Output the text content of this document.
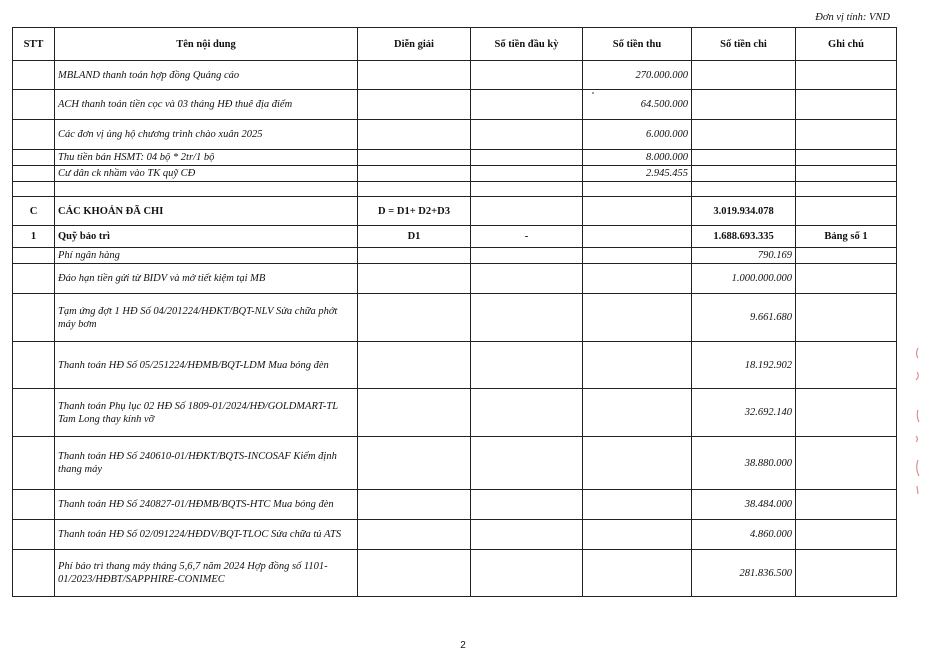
Đơn vị tính: VND
STT	Tên nội dung	Diễn giải	Số tiền đầu kỳ	Số tiền thu	Số tiền chi	Ghi chú
	MBLAND thanh toán hợp đồng Quảng cáo			270.000.000		
	ACH thanh toán tiền cọc và 03 tháng HĐ thuê địa điểm			64.500.000		
	Các đơn vị ủng hộ chương trình chào xuân 2025			6.000.000		
	Thu tiền bán HSMT: 04 bộ * 2tr/1 bộ			8.000.000		
	Cư dân ck nhầm vào TK quỹ CĐ			2.945.455		

C	CÁC KHOẢN ĐÃ CHI	D = D1+ D2+D3			3.019.934.078	
1	Quỹ bảo trì	D1	-		1.688.693.335	Bảng số 1
	Phí ngân hàng				790.169	
	Đáo hạn tiền gửi từ BIDV và mở tiết kiệm tại MB				1.000.000.000	
	Tạm ứng đợt 1 HĐ Số 04/201224/HĐKT/BQT-NLV Sửa chữa phớt máy bơm				9.661.680	
	Thanh toán HĐ Số 05/251224/HĐMB/BQT-LDM Mua bóng đèn				18.192.902	
	Thanh toán Phụ lục 02 HĐ Số 1809-01/2024/HĐ/GOLDMART-TL Tam Long thay kính vỡ				32.692.140	
	Thanh toán HĐ Số 240610-01/HĐKT/BQTS-INCOSAF Kiểm định thang máy				38.880.000	
	Thanh toán HĐ Số 240827-01/HĐMB/BQTS-HTC Mua bóng đèn				38.484.000	
	Thanh toán HĐ Số 02/091224/HĐDV/BQT-TLOC Sửa chữa tủ ATS				4.860.000	
	Phí bảo trì thang máy tháng 5,6,7 năm 2024 Hợp đồng số 1101-01/2023/HĐBT/SAPPHIRE-CONIMEC				281.836.500	
2
